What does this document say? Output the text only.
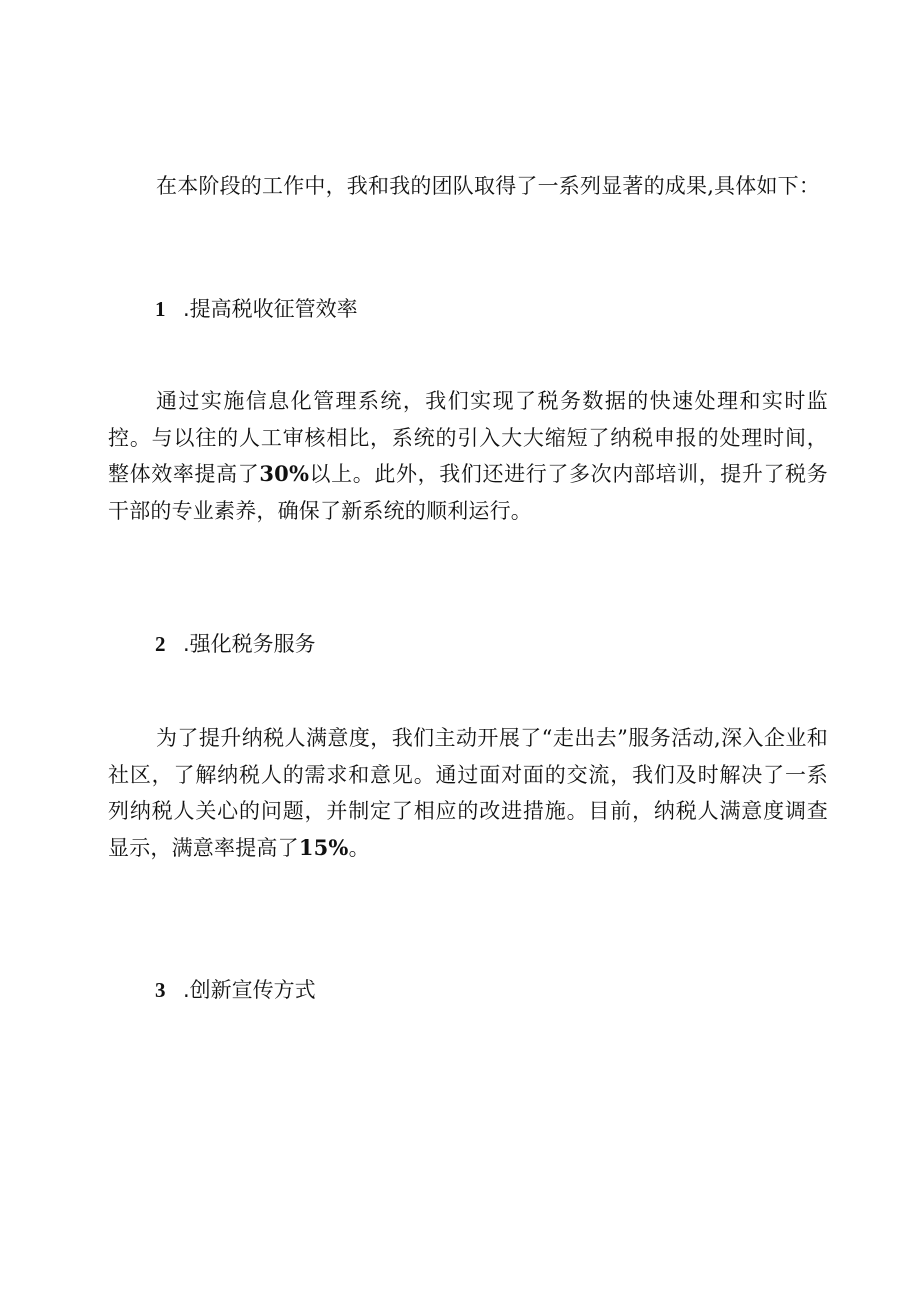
在本阶段的工作中，我和我的团队取得了一系列显著的成果,具体如下：

1 .提高税收征管效率

通过实施信息化管理系统，我们实现了税务数据的快速处理和实时监控。与以往的人工审核相比，系统的引入大大缩短了纳税申报的处理时间，整体效率提高了30%以上。此外，我们还进行了多次内部培训，提升了税务干部的专业素养，确保了新系统的顺利运行。

2 .强化税务服务

为了提升纳税人满意度，我们主动开展了“走出去”服务活动,深入企业和社区，了解纳税人的需求和意见。通过面对面的交流，我们及时解决了一系列纳税人关心的问题，并制定了相应的改进措施。目前，纳税人满意度调查显示，满意率提高了15%。

3 .创新宣传方式
